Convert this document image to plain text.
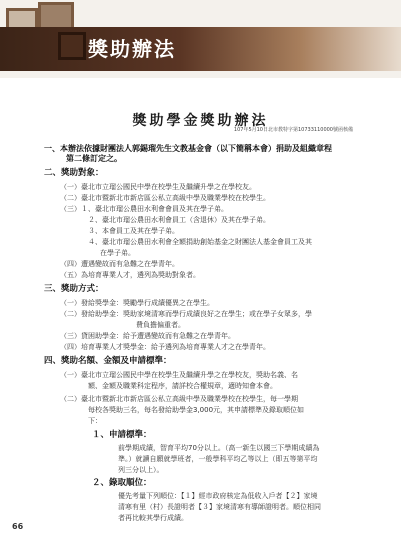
獎助辦法
獎助學金獎助辦法
107年5月10日北市教特字第10733110000號函核備
一、本辦法依據財團法人郭錫瑠先生文教基金會（以下簡稱本會）捐助及組織章程
第二條訂定之。
二、獎助對象：
（一）臺北市立瑠公國民中學在校學生及繼續升學之在學校友。
（二）臺北市暨新北市新店區公私立高級中學及職業學校在校學生。
（三）１、臺北市瑠公農田水利會會員及其在學子弟。
２、臺北市瑠公農田水利會員工（含退休）及其在學子弟。
３、本會員工及其在學子弟。
４、臺北市瑠公農田水利會全額捐助創始基金之財團法人基金會員工及其
在學子弟。
（四）遭遇變故而有急難之在學青年。
（五）為培育專業人才，遴列為獎助對象者。
三、獎助方式：
（一）發給獎學金：獎勵學行成績優異之在學生。
（二）發給助學金：獎助家境清寒而學行成績良好之在學生；或在學子女眾多，學
費負擔偏重者。
（三）貸困助學金：給予遭遇變故而有急難之在學青年。
（四）培育專業人才獎學金：給予遴列為培育專業人才之在學青年。
四、獎助名額、金額及申請標準：
（一）臺北市立瑠公國民中學在校學生及繼續升學之在學校友，獎助名義、名
額、金額及職業科定程序，請詳校合權規章，適時知會本會。
（二）臺北市暨新北市新店區公私立高級中學及職業學校在校學生，每一學期
每校各獎助三名，每名發給助學金3,000元，其申請標準及錄取順位如
下：
１、申請標準：
前學期成績，智育平均70分以上。（高一新生以國三下學期成績為
準。）就讀自願就學班者，一般學科平均乙等以上（即五等第平均
列三分以上）。
２、錄取順位：
優先考量下列順位：【１】經市政府核定為低收入戶者【２】家境
清寒有里（村）長證明者【３】家境清寒有導師證明者。順位相同
者再比較其學行成績。
66
